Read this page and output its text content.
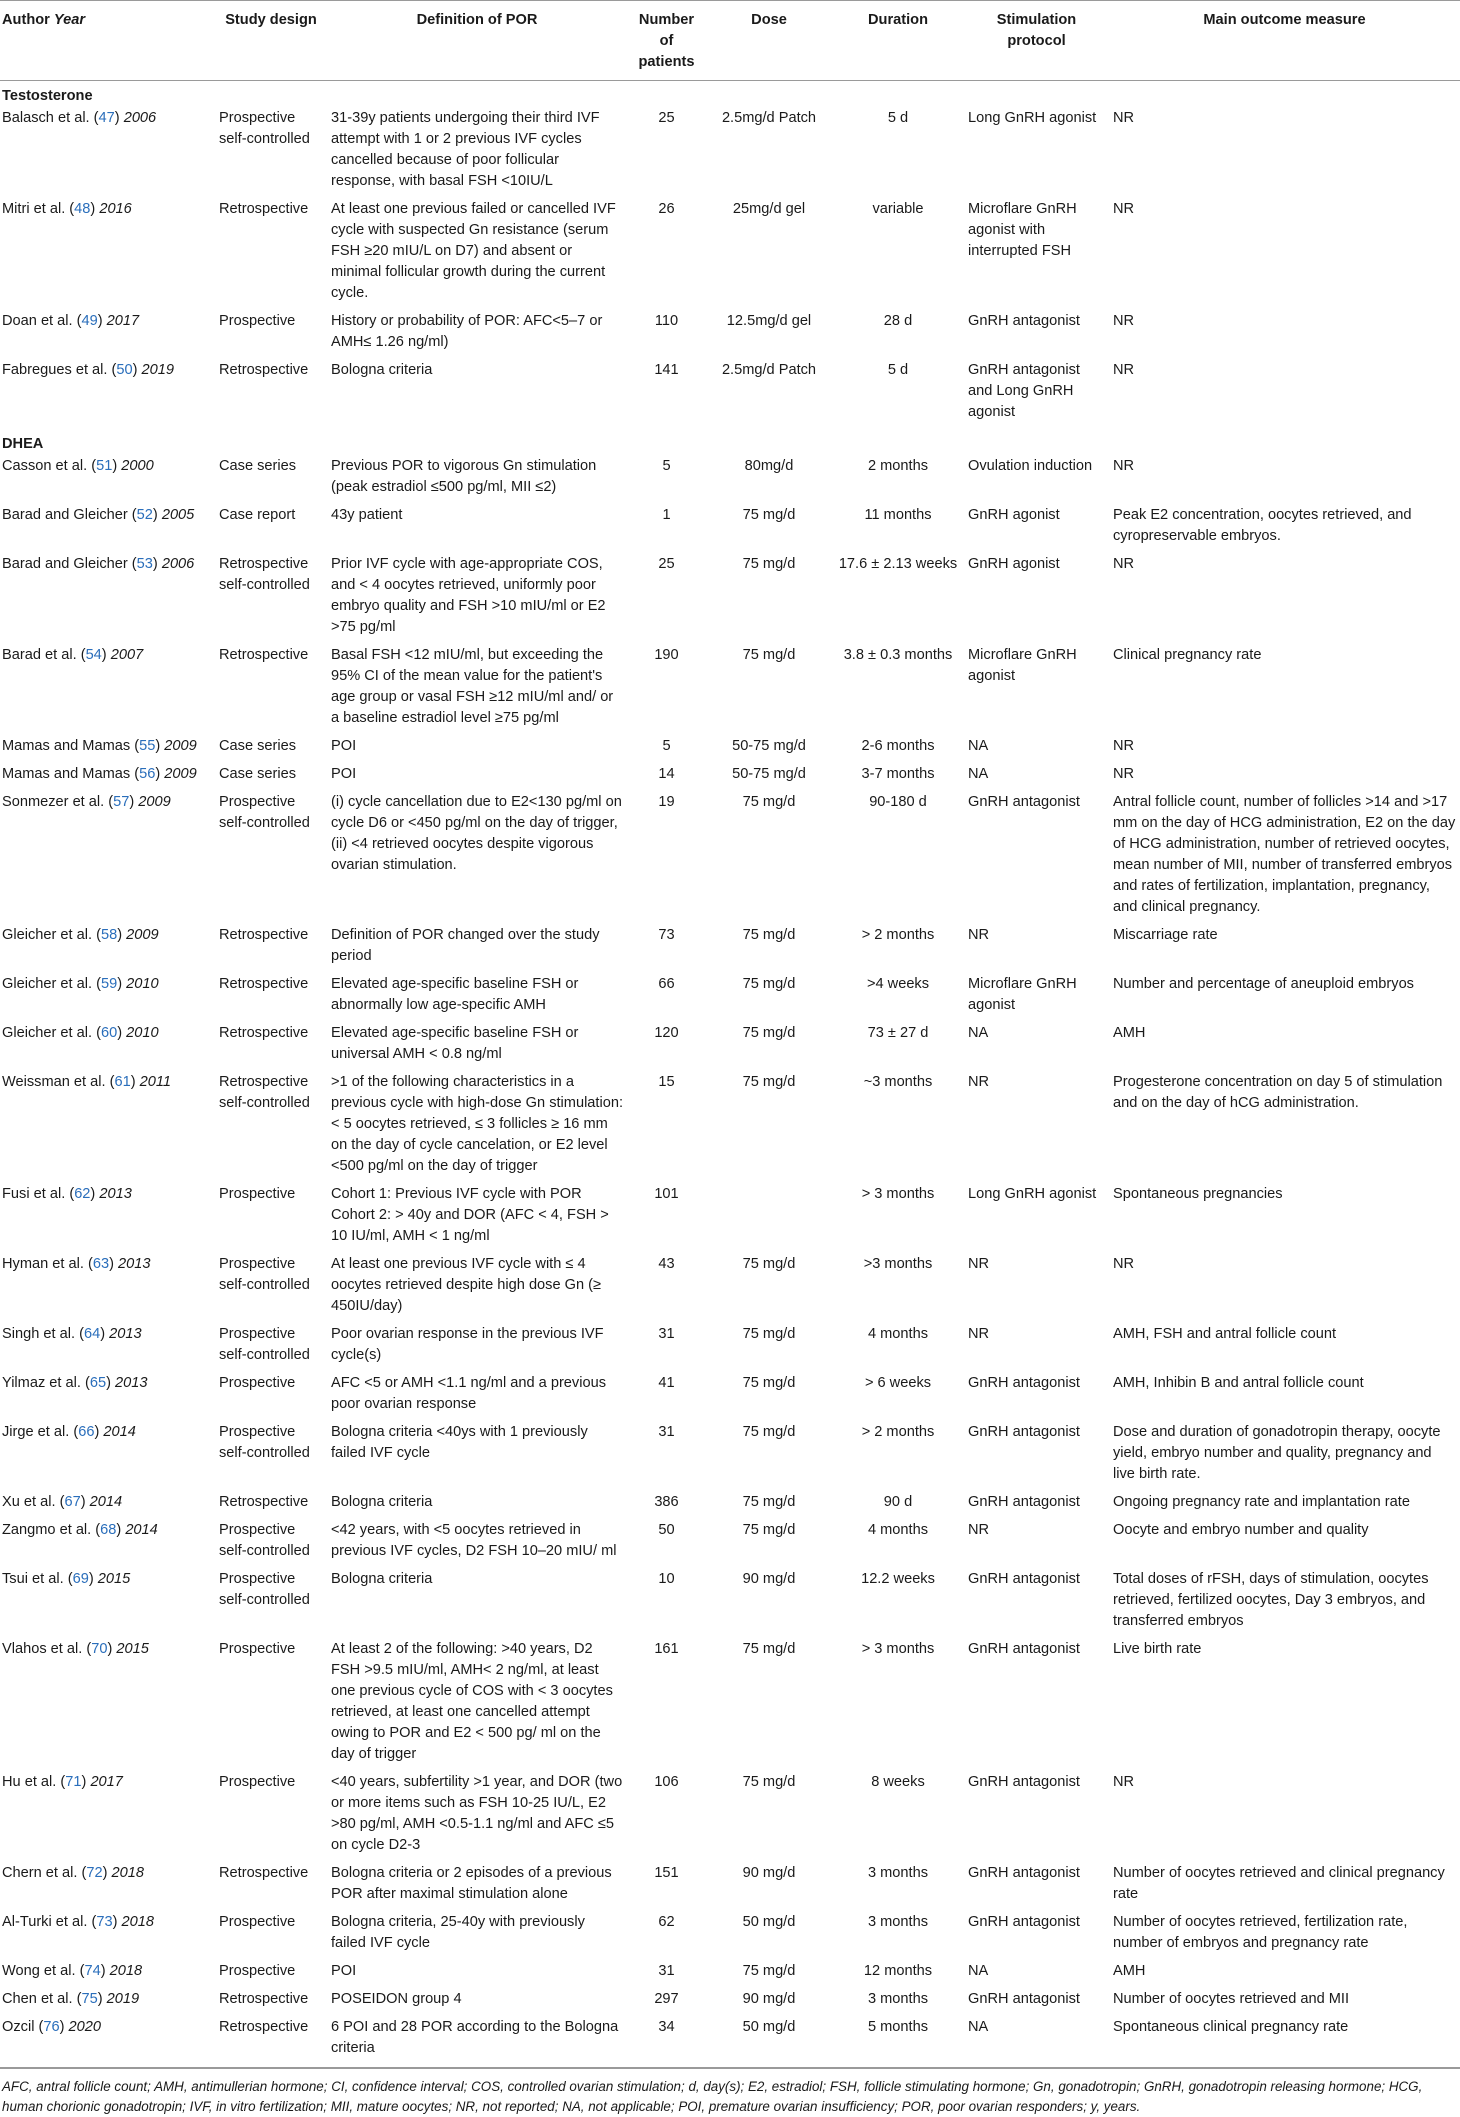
Author Year	Study design	Definition of POR	Number of patients	Dose	Duration	Stimulation protocol	Main outcome measure
Testosterone							
Balasch et al. (47) 2006	Prospective self-controlled	31-39y patients undergoing their third IVF attempt with 1 or 2 previous IVF cycles cancelled because of poor follicular response, with basal FSH <10IU/L	25	2.5mg/d Patch	5 d	Long GnRH agonist	NR
Mitri et al. (48) 2016	Retrospective	At least one previous failed or cancelled IVF cycle with suspected Gn resistance (serum FSH ≥20 mIU/L on D7) and absent or minimal follicular growth during the current cycle.	26	25mg/d gel	variable	Microflare GnRH agonist with interrupted FSH	NR
Doan et al. (49) 2017	Prospective	History or probability of POR: AFC<5–7 or AMH≤ 1.26 ng/ml)	110	12.5mg/d gel	28 d	GnRH antagonist	NR
Fabregues et al. (50) 2019	Retrospective	Bologna criteria	141	2.5mg/d Patch	5 d	GnRH antagonist and Long GnRH agonist	NR
DHEA							
Casson et al. (51) 2000	Case series	Previous POR to vigorous Gn stimulation (peak estradiol ≤500 pg/ml, MII ≤2)	5	80mg/d	2 months	Ovulation induction	NR
Barad and Gleicher (52) 2005	Case report	43y patient	1	75 mg/d	11 months	GnRH agonist	Peak E2 concentration, oocytes retrieved, and cyropreservable embryos.
Barad and Gleicher (53) 2006	Retrospective self-controlled	Prior IVF cycle with age-appropriate COS, and < 4 oocytes retrieved, uniformly poor embryo quality and FSH >10 mIU/ml or E2 >75 pg/ml	25	75 mg/d	17.6 ± 2.13 weeks	GnRH agonist	NR
Barad et al. (54) 2007	Retrospective	Basal FSH <12 mIU/ml, but exceeding the 95% CI of the mean value for the patient's age group or vasal FSH ≥12 mIU/ml and/ or a baseline estradiol level ≥75 pg/ml	190	75 mg/d	3.8 ± 0.3 months	Microflare GnRH agonist	Clinical pregnancy rate
Mamas and Mamas (55) 2009	Case series	POI	5	50-75 mg/d	2-6 months	NA	NR
Mamas and Mamas (56) 2009	Case series	POI	14	50-75 mg/d	3-7 months	NA	NR
Sonmezer et al. (57) 2009	Prospective self-controlled	(i) cycle cancellation due to E2<130 pg/ml on cycle D6 or <450 pg/ml on the day of trigger, (ii) <4 retrieved oocytes despite vigorous ovarian stimulation.	19	75 mg/d	90-180 d	GnRH antagonist	Antral follicle count, number of follicles >14 and >17 mm on the day of HCG administration, E2 on the day of HCG administration, number of retrieved oocytes, mean number of MII, number of transferred embryos and rates of fertilization, implantation, pregnancy, and clinical pregnancy.
Gleicher et al. (58) 2009	Retrospective	Definition of POR changed over the study period	73	75 mg/d	> 2 months	NR	Miscarriage rate
Gleicher et al. (59) 2010	Retrospective	Elevated age-specific baseline FSH or abnormally low age-specific AMH	66	75 mg/d	>4 weeks	Microflare GnRH agonist	Number and percentage of aneuploid embryos
Gleicher et al. (60) 2010	Retrospective	Elevated age-specific baseline FSH or universal AMH < 0.8 ng/ml	120	75 mg/d	73 ± 27 d	NA	AMH
Weissman et al. (61) 2011	Retrospective self-controlled	>1 of the following characteristics in a previous cycle with high-dose Gn stimulation:< 5 oocytes retrieved, ≤ 3 follicles ≥ 16 mm on the day of cycle cancelation, or E2 level <500 pg/ml on the day of trigger	15	75 mg/d	~3 months	NR	Progesterone concentration on day 5 of stimulation and on the day of hCG administration.
Fusi et al. (62) 2013	Prospective	Cohort 1: Previous IVF cycle with POR Cohort 2: > 40y and DOR (AFC < 4, FSH > 10 IU/ml, AMH < 1 ng/ml	101		> 3 months	Long GnRH agonist	Spontaneous pregnancies
Hyman et al. (63) 2013	Prospective self-controlled	At least one previous IVF cycle with ≤ 4 oocytes retrieved despite high dose Gn (≥ 450IU/day)	43	75 mg/d	>3 months	NR	NR
Singh et al. (64) 2013	Prospective self-controlled	Poor ovarian response in the previous IVF cycle(s)	31	75 mg/d	4 months	NR	AMH, FSH and antral follicle count
Yilmaz et al. (65) 2013	Prospective	AFC <5 or AMH <1.1 ng/ml and a previous poor ovarian response	41	75 mg/d	> 6 weeks	GnRH antagonist	AMH, Inhibin B and antral follicle count
Jirge et al. (66) 2014	Prospective self-controlled	Bologna criteria <40ys with 1 previously failed IVF cycle	31	75 mg/d	> 2 months	GnRH antagonist	Dose and duration of gonadotropin therapy, oocyte yield, embryo number and quality, pregnancy and live birth rate.
Xu et al. (67) 2014	Retrospective	Bologna criteria	386	75 mg/d	90 d	GnRH antagonist	Ongoing pregnancy rate and implantation rate
Zangmo et al. (68) 2014	Prospective self-controlled	<42 years, with <5 oocytes retrieved in previous IVF cycles, D2 FSH 10–20 mIU/ ml	50	75 mg/d	4 months	NR	Oocyte and embryo number and quality
Tsui et al. (69) 2015	Prospective self-controlled	Bologna criteria	10	90 mg/d	12.2 weeks	GnRH antagonist	Total doses of rFSH, days of stimulation, oocytes retrieved, fertilized oocytes, Day 3 embryos, and transferred embryos
Vlahos et al. (70) 2015	Prospective	At least 2 of the following: >40 years, D2 FSH >9.5 mIU/ml, AMH< 2 ng/ml, at least one previous cycle of COS with < 3 oocytes retrieved, at least one cancelled attempt owing to POR and E2 < 500 pg/ ml on the day of trigger	161	75 mg/d	> 3 months	GnRH antagonist	Live birth rate
Hu et al. (71) 2017	Prospective	<40 years, subfertility >1 year, and DOR (two or more items such as FSH 10-25 IU/L, E2 >80 pg/ml, AMH <0.5-1.1 ng/ml and AFC ≤5 on cycle D2-3	106	75 mg/d	8 weeks	GnRH antagonist	NR
Chern et al. (72) 2018	Retrospective	Bologna criteria or 2 episodes of a previous POR after maximal stimulation alone	151	90 mg/d	3 months	GnRH antagonist	Number of oocytes retrieved and clinical pregnancy rate
Al-Turki et al. (73) 2018	Prospective	Bologna criteria, 25-40y with previously failed IVF cycle	62	50 mg/d	3 months	GnRH antagonist	Number of oocytes retrieved, fertilization rate, number of embryos and pregnancy rate
Wong et al. (74) 2018	Prospective	POI	31	75 mg/d	12 months	NA	AMH
Chen et al. (75) 2019	Retrospective	POSEIDON group 4	297	90 mg/d	3 months	GnRH antagonist	Number of oocytes retrieved and MII
Ozcil (76) 2020	Retrospective	6 POI and 28 POR according to the Bologna criteria	34	50 mg/d	5 months	NA	Spontaneous clinical pregnancy rate
AFC, antral follicle count; AMH, antimullerian hormone; CI, confidence interval; COS, controlled ovarian stimulation; d, day(s); E2, estradiol; FSH, follicle stimulating hormone; Gn, gonadotropin; GnRH, gonadotropin releasing hormone; HCG, human chorionic gonadotropin; IVF, in vitro fertilization; MII, mature oocytes; NR, not reported; NA, not applicable; POI, premature ovarian insufficiency; POR, poor ovarian responders; y, years.
